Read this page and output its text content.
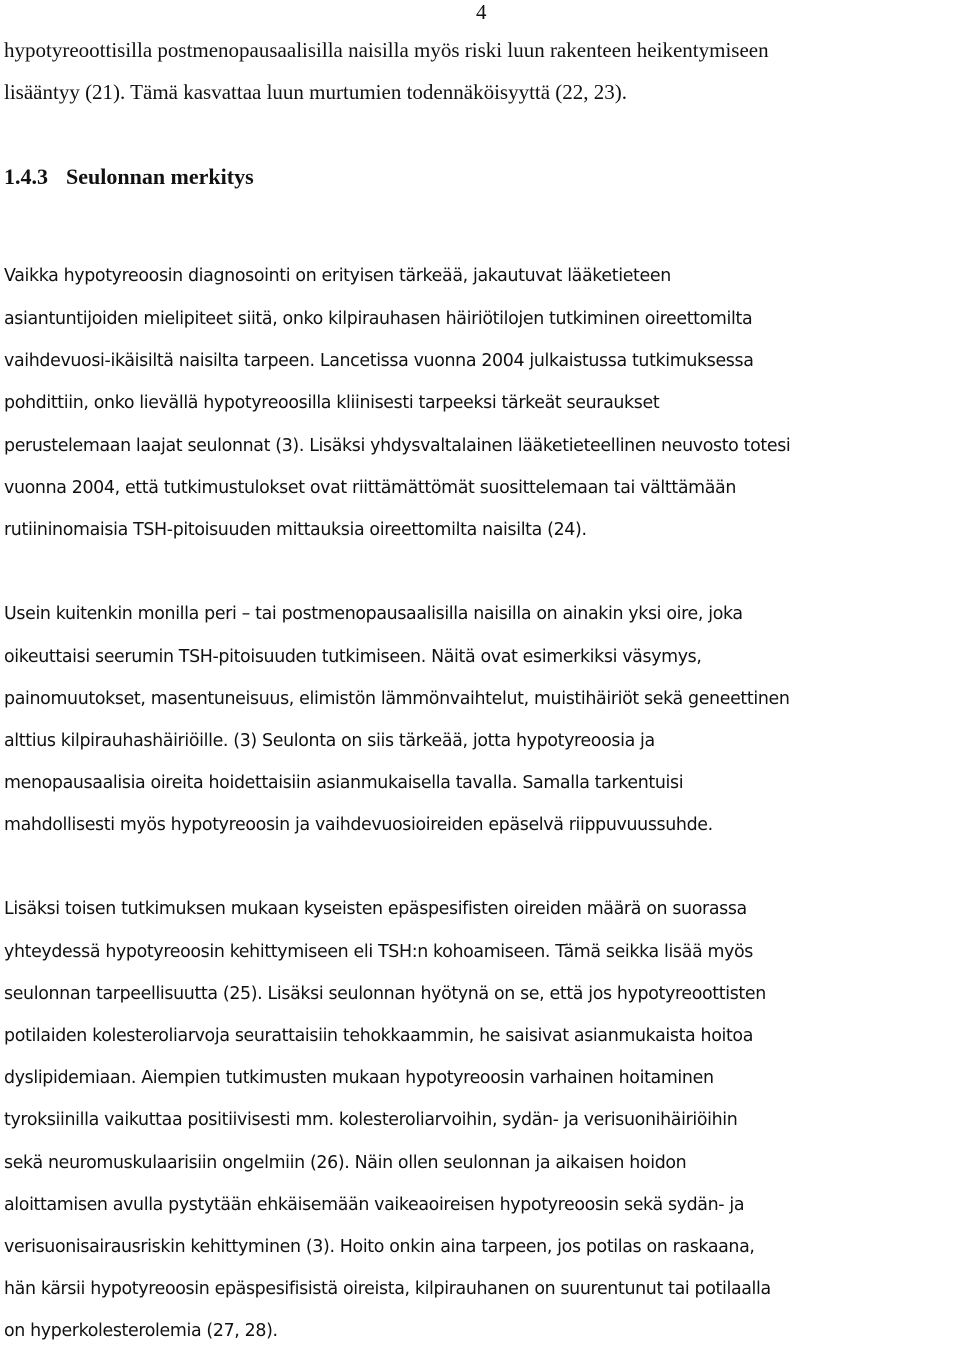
4
hypotyreoottisilla postmenopausaalisilla naisilla myös riski luun rakenteen heikentymiseen
lisääntyy (21). Tämä kasvattaa luun murtumien todennäköisyyttä (22, 23).
1.4.3 Seulonnan merkitys
Vaikka hypotyreoosin diagnosointi on erityisen tärkeää, jakautuvat lääketieteen
asiantuntijoiden mielipiteet siitä, onko kilpirauhasen häiriötilojen tutkiminen oireettomilta
vaihdevuosi-ikäisiltä naisilta tarpeen. Lancetissa vuonna 2004 julkaistussa tutkimuksessa
pohdittiin, onko lievällä hypotyreoosilla kliinisesti tarpeeksi tärkeät seuraukset
perustelemaan laajat seulonnat (3). Lisäksi yhdysvaltalainen lääketieteellinen neuvosto totesi
vuonna 2004, että tutkimustulokset ovat riittämättömät suosittelemaan tai välttämään
rutiininomaisia TSH-pitoisuuden mittauksia oireettomilta naisilta (24).
Usein kuitenkin monilla peri – tai postmenopausaalisilla naisilla on ainakin yksi oire, joka
oikeuttaisi seerumin TSH-pitoisuuden tutkimiseen. Näitä ovat esimerkiksi väsymys,
painomuutokset, masentuneisuus, elimistön lämmönvaihtelut, muistihäiriöt sekä geneettinen
alttius kilpirauhashäiriöille. (3) Seulonta on siis tärkeää, jotta hypotyreoosia ja
menopausaalisia oireita hoidettaisiin asianmukaisella tavalla. Samalla tarkentuisi
mahdollisesti myös hypotyreoosin ja vaihdevuosioireiden epäselvä riippuvuussuhde.
Lisäksi toisen tutkimuksen mukaan kyseisten epäspesifisten oireiden määrä on suorassa
yhteydessä hypotyreoosin kehittymiseen eli TSH:n kohoamiseen. Tämä seikka lisää myös
seulonnan tarpeellisuutta (25). Lisäksi seulonnan hyötynä on se, että jos hypotyreoottisten
potilaiden kolesteroliarvoja seurattaisiin tehokkaammin, he saisivat asianmukaista hoitoa
dyslipidemiaan. Aiempien tutkimusten mukaan hypotyreoosin varhainen hoitaminen
tyroksiinilla vaikuttaa positiivisesti mm. kolesteroliarvoihin, sydän- ja verisuonihäiriöihin
sekä neuromuskulaarisiin ongelmiin (26). Näin ollen seulonnan ja aikaisen hoidon
aloittamisen avulla pystytään ehkäisemään vaikeaoireisen hypotyreoosin sekä sydän- ja
verisuonisairausriskin kehittyminen (3). Hoito onkin aina tarpeen, jos potilas on raskaana,
hän kärsii hypotyreoosin epäspesifisistä oireista, kilpirauhanen on suurentunut tai potilaalla
on hyperkolesterolemia (27, 28).
